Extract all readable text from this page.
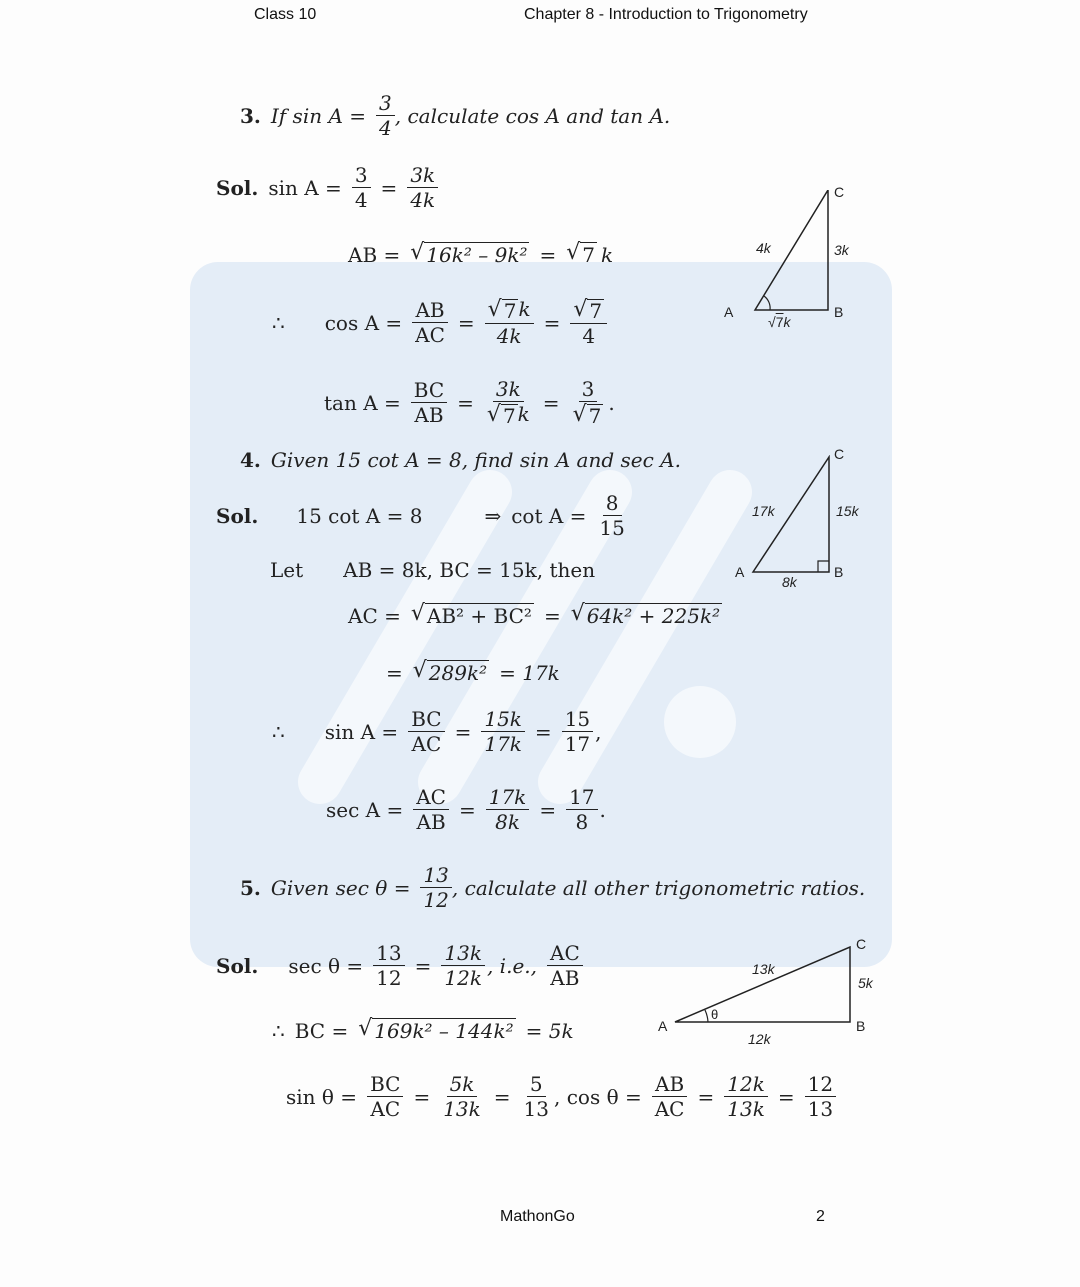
Class 10	Chapter 8 - Introduction to Trigonometry
3. If $\sin A = \frac{3}{4}$ , calculate cos A and tan A.
Sol. $\sin A = \frac{3}{4} = \frac{3k}{4k}$
AB = √ 16k² – 9k² = √ 7 k
∴ $\cos A = \frac{AB}{AC} = \frac{√ 7 k}{4k} = \frac{√ 7}{4}$
$\tan A = \frac{BC}{AB} = \frac{3k}{√ 7 k} = \frac{3}{√ 7}$ .
C
A	B
4k	3k
√7k
4. Given 15 cot A = 8, find sin A and sec A.
Sol. 15 cot A = 8	⇒ $\cot A = \frac{8}{15}$
Let AB = 8k, BC = 15k, then
AC = √ AB² + BC² = √ 64k² + 225k²
= √ 289k² = 17k
∴ $\sin A = \frac{BC}{AC} = \frac{15k}{17k} = \frac{15}{17}$ ,
$\sec A = \frac{AC}{AB} = \frac{17k}{8k} = \frac{17}{8}$ .
C
A	B
17k	15k
8k
5. Given $\sec \theta = \frac{13}{12}$ , calculate all other trigonometric ratios.
Sol. $\sec \theta = \frac{13}{12} = \frac{13k}{12k}$ , i.e., $\frac{AC}{AB}$
∴ BC = √ 169k² – 144k² = 5k
$\sin \theta = \frac{BC}{AC} = \frac{5k}{13k} = \frac{5}{13}$ , $\cos \theta = \frac{AB}{AC} = \frac{12k}{13k} = \frac{12}{13}$
C
A	B
13k
5k
12k
θ
MathonGo	2
